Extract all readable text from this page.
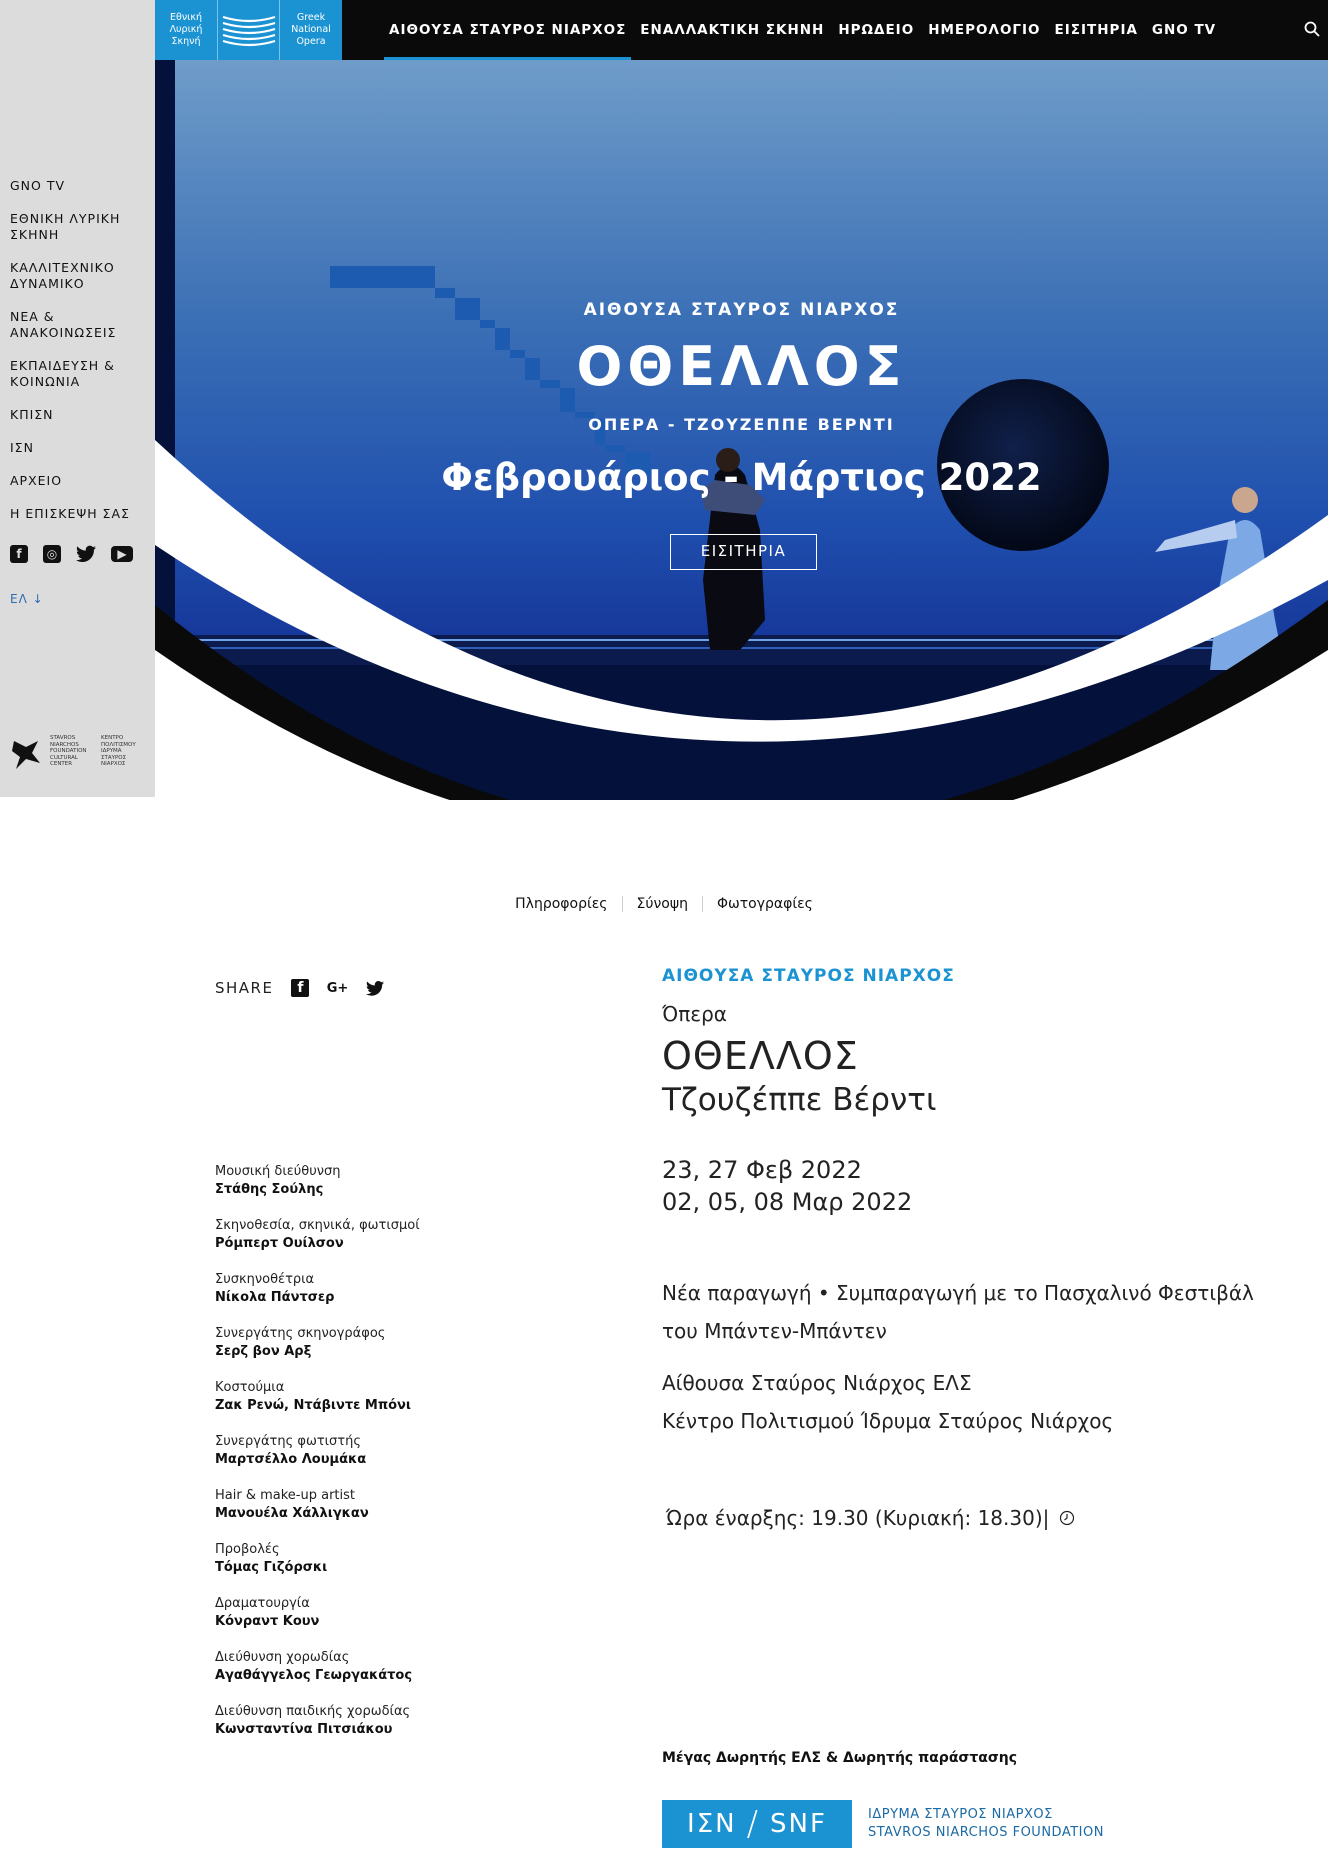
GNO TV
ΕΘΝΙΚΗ ΛΥΡΙΚΗ ΣΚΗΝΗ
ΚΑΛΛΙΤΕΧΝΙΚΟ ΔΥΝΑΜΙΚΟ
ΝΕΑ & ΑΝΑΚΟΙΝΩΣΕΙΣ
ΕΚΠΑΙΔΕΥΣΗ & ΚΟΙΝΩΝΙΑ
ΚΠΙΣΝ
ΙΣΝ
ΑΡΧΕΙΟ
Η ΕΠΙΣΚΕΨΗ ΣΑΣ
f	◎	▶
ΕΛ ↓
STAVROS NIARCHOS FOUNDATION CULTURAL CENTER
ΚΕΝΤΡΟ ΠΟΛΙΤΙΣΜΟΥ ΙΔΡΥΜΑ ΣΤΑΥΡΟΣ ΝΙΑΡΧΟΣ
Εθνική Λυρική Σκηνή
Greek National Opera
ΑΙΘΟΥΣΑ ΣΤΑΥΡΟΣ ΝΙΑΡΧΟΣ ΕΝΑΛΛΑΚΤΙΚΗ ΣΚΗΝΗ ΗΡΩΔΕΙΟ ΗΜΕΡΟΛΟΓΙΟ ΕΙΣΙΤΗΡΙΑ GNO TV
ΑΙΘΟΥΣΑ ΣΤΑΥΡΟΣ ΝΙΑΡΧΟΣ
ΟΘΕΛΛΟΣ
ΟΠΕΡΑ - ΤΖΟΥΖΕΠΠΕ ΒΕΡΝΤΙ
Φεβρουάριος - Μάρτιος 2022
ΕΙΣΙΤΗΡΙΑ
Πληροφορίες	Σύνοψη	Φωτογραφίες
SHARE	f	G+
Μουσική διεύθυνση
Στάθης Σούλης
Σκηνοθεσία, σκηνικά, φωτισμοί
Ρόμπερτ Ουίλσον
Συσκηνοθέτρια
Νίκολα Πάντσερ
Συνεργάτης σκηνογράφος
Σερζ βον Αρξ
Κοστούμια
Ζακ Ρενώ, Ντάβιντε Μπόνι
Συνεργάτης φωτιστής
Μαρτσέλλο Λουμάκα
Hair & make-up artist
Μανουέλα Χάλλιγκαν
Προβολές
Τόμας Γιζόρσκι
Δραματουργία
Κόνραντ Κουν
Διεύθυνση χορωδίας
Αγαθάγγελος Γεωργακάτος
Διεύθυνση παιδικής χορωδίας
Κωνσταντίνα Πιτσιάκου
ΑΙΘΟΥΣΑ ΣΤΑΥΡΟΣ ΝΙΑΡΧΟΣ
Όπερα
ΟΘΕΛΛΟΣ
Τζουζέππε Βέρντι
23, 27 Φεβ 2022
02, 05, 08 Μαρ 2022
Νέα παραγωγή • Συμπαραγωγή με το Πασχαλινό Φεστιβάλ του Μπάντεν-Μπάντεν
Αίθουσα Σταύρος Νιάρχος ΕΛΣ
Κέντρο Πολιτισμού Ίδρυμα Σταύρος Νιάρχος
Ώρα έναρξης: 19.30 (Κυριακή: 18.30)|
Μέγας Δωρητής ΕΛΣ & Δωρητής παράστασης
ΙΣΝ / SNF	ΙΔΡΥΜΑ ΣΤΑΥΡΟΣ ΝΙΑΡΧΟΣ
STAVROS NIARCHOS FOUNDATION
